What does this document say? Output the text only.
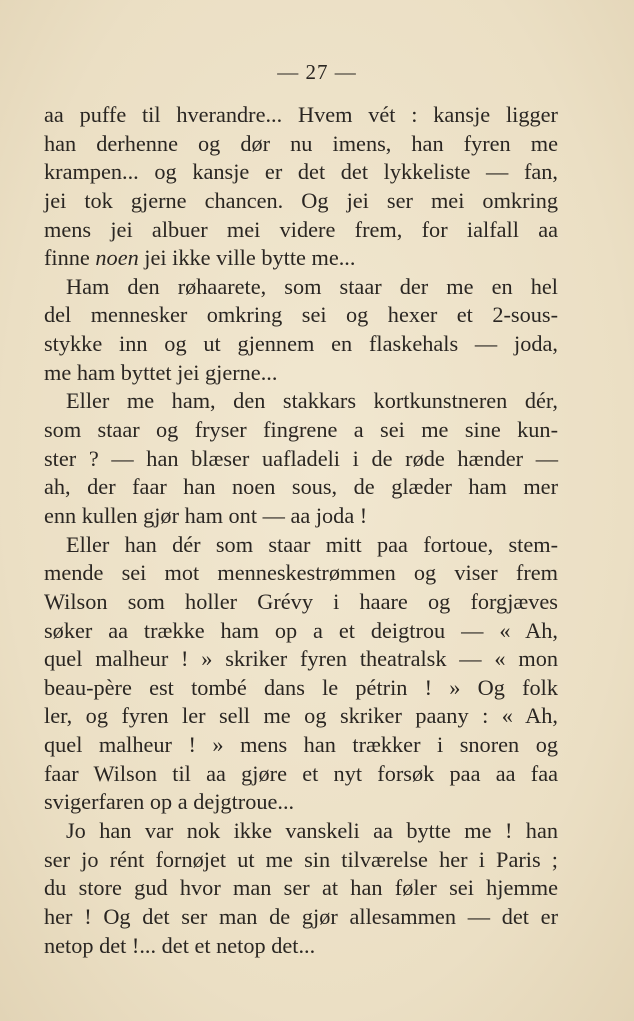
— 27 —
aa puffe til hverandre... Hvem vét : kansje ligger
han derhenne og dør nu imens, han fyren me
krampen... og kansje er det det lykkeliste — fan,
jei tok gjerne chancen. Og jei ser mei omkring
mens jei albuer mei videre frem, for ialfall aa
finne noen jei ikke ville bytte me...
Ham den røhaarete, som staar der me en hel
del mennesker omkring sei og hexer et 2-sous-
stykke inn og ut gjennem en flaskehals — joda,
me ham byttet jei gjerne...
Eller me ham, den stakkars kortkunstneren dér,
som staar og fryser fingrene a sei me sine kun-
ster ? — han blæser uafladeli i de røde hænder —
ah, der faar han noen sous, de glæder ham mer
enn kullen gjør ham ont — aa joda !
Eller han dér som staar mitt paa fortoue, stem-
mende sei mot menneskestrømmen og viser frem
Wilson som holler Grévy i haare og forgjæves
søker aa trække ham op a et deigtrou — « Ah,
quel malheur ! » skriker fyren theatralsk — « mon
beau-père est tombé dans le pétrin ! » Og folk
ler, og fyren ler sell me og skriker paany : « Ah,
quel malheur ! » mens han trækker i snoren og
faar Wilson til aa gjøre et nyt forsøk paa aa faa
svigerfaren op a dejgtroue...
Jo han var nok ikke vanskeli aa bytte me ! han
ser jo rént fornøjet ut me sin tilværelse her i Paris ;
du store gud hvor man ser at han føler sei hjemme
her ! Og det ser man de gjør allesammen — det er
netop det !... det et netop det...
